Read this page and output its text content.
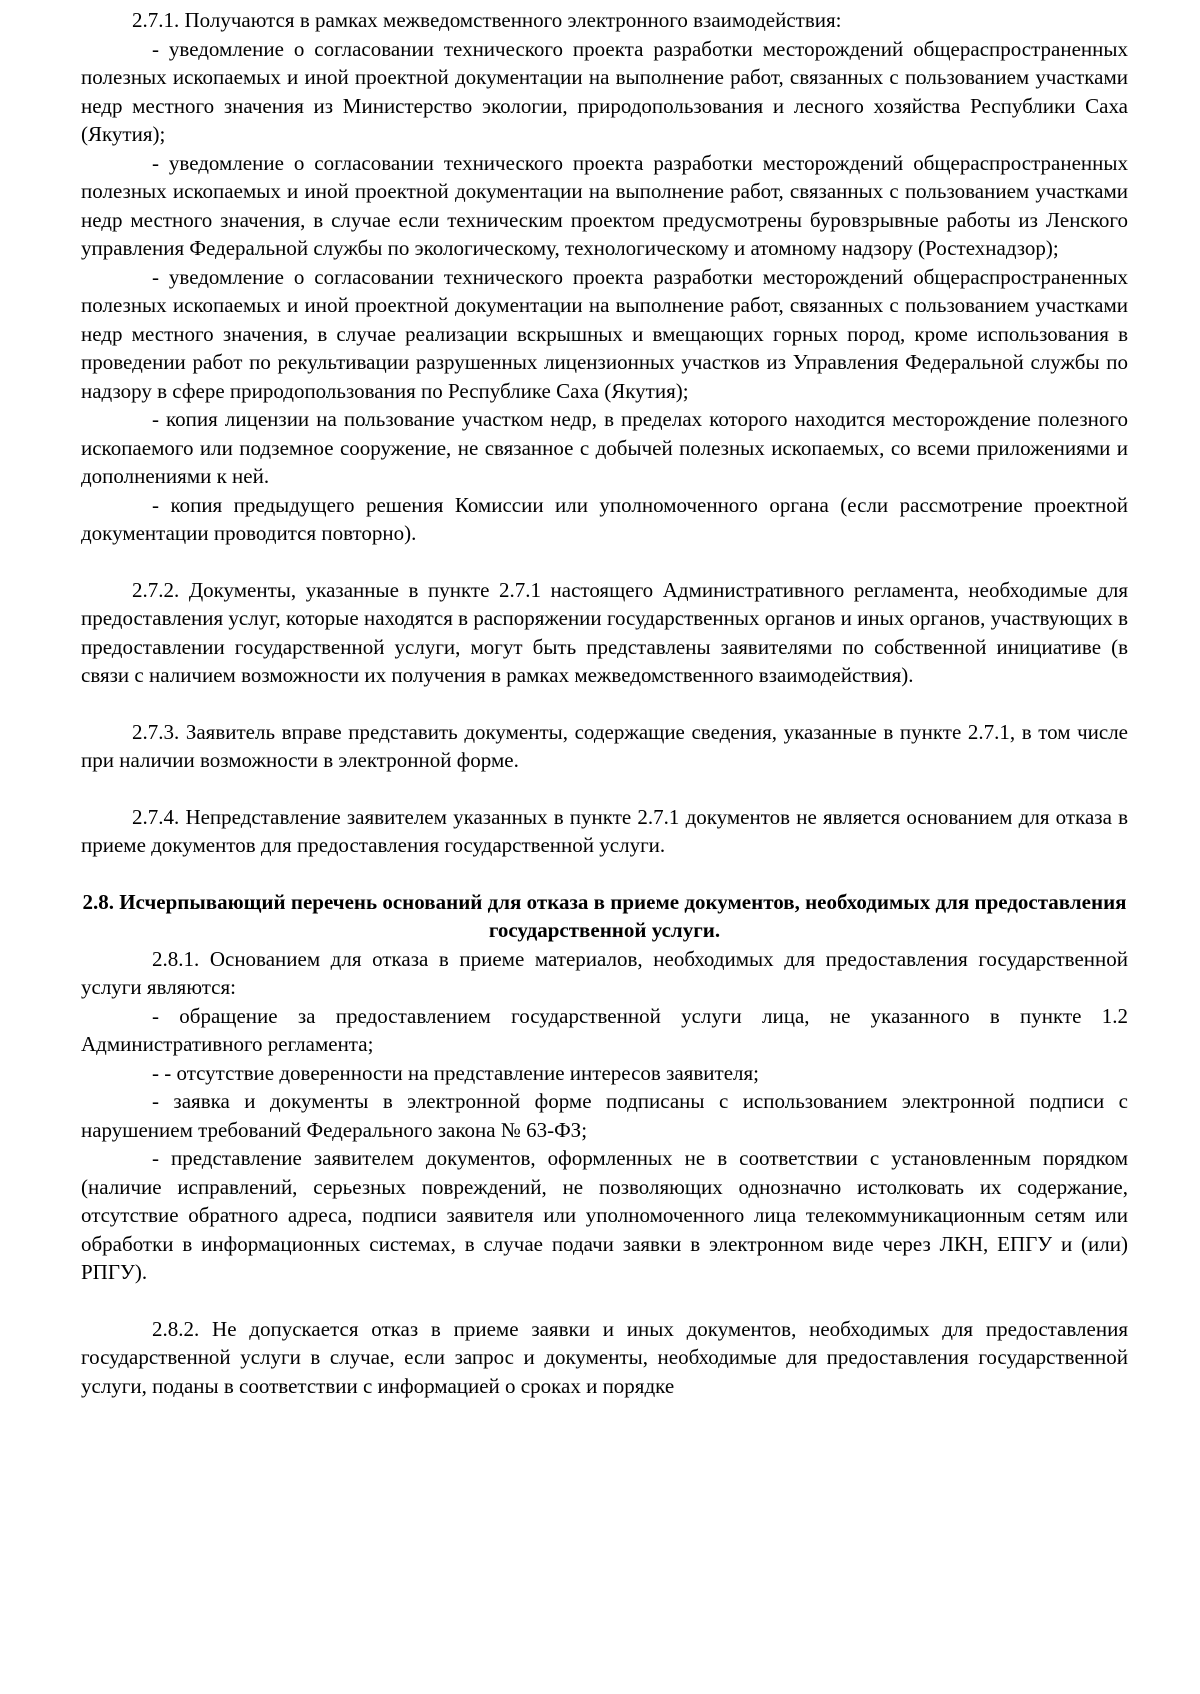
2.7.1. Получаются в рамках межведомственного электронного взаимодействия:

- уведомление о согласовании технического проекта разработки месторождений общераспространенных полезных ископаемых и иной проектной документации на выполнение работ, связанных с пользованием участками недр местного значения из Министерство экологии, природопользования и лесного хозяйства Республики Саха (Якутия);

- уведомление о согласовании технического проекта разработки месторождений общераспространенных полезных ископаемых и иной проектной документации на выполнение работ, связанных с пользованием участками недр местного значения, в случае если техническим проектом предусмотрены буровзрывные работы из Ленского управления Федеральной службы по экологическому, технологическому и атомному надзору (Ростехнадзор);

- уведомление о согласовании технического проекта разработки месторождений общераспространенных полезных ископаемых и иной проектной документации на выполнение работ, связанных с пользованием участками недр местного значения, в случае реализации вскрышных и вмещающих горных пород, кроме использования в проведении работ по рекультивации разрушенных лицензионных участков из Управления Федеральной службы по надзору в сфере природопользования по Республике Саха (Якутия);

- копия лицензии на пользование участком недр, в пределах которого находится месторождение полезного ископаемого или подземное сооружение, не связанное с добычей полезных ископаемых, со всеми приложениями и дополнениями к ней.

- копия предыдущего решения Комиссии или уполномоченного органа (если рассмотрение проектной документации проводится повторно).

2.7.2. Документы, указанные в пункте 2.7.1 настоящего Административного регламента, необходимые для предоставления услуг, которые находятся в распоряжении государственных органов и иных органов, участвующих в предоставлении государственной услуги, могут быть представлены заявителями по собственной инициативе (в связи с наличием возможности их получения в рамках межведомственного взаимодействия).

2.7.3. Заявитель вправе представить документы, содержащие сведения, указанные в пункте 2.7.1, в том числе при наличии возможности в электронной форме.

2.7.4. Непредставление заявителем указанных в пункте 2.7.1 документов не является основанием для отказа в приеме документов для предоставления государственной услуги.

2.8. Исчерпывающий перечень оснований для отказа в приеме документов, необходимых для предоставления государственной услуги.

2.8.1. Основанием для отказа в приеме материалов, необходимых для предоставления государственной услуги являются:

- обращение за предоставлением государственной услуги лица, не указанного в пункте 1.2 Административного регламента;

- - отсутствие доверенности на представление интересов заявителя;

- заявка и документы в электронной форме подписаны с использованием электронной подписи с нарушением требований Федерального закона № 63-ФЗ;

- представление заявителем документов, оформленных не в соответствии с установленным порядком (наличие исправлений, серьезных повреждений, не позволяющих однозначно истолковать их содержание, отсутствие обратного адреса, подписи заявителя или уполномоченного лица телекоммуникационным сетям или обработки в информационных системах, в случае подачи заявки в электронном виде через ЛКН, ЕПГУ и (или) РПГУ).

2.8.2. Не допускается отказ в приеме заявки и иных документов, необходимых для предоставления государственной услуги в случае, если запрос и документы, необходимые для предоставления государственной услуги, поданы в соответствии с информацией о сроках и порядке
